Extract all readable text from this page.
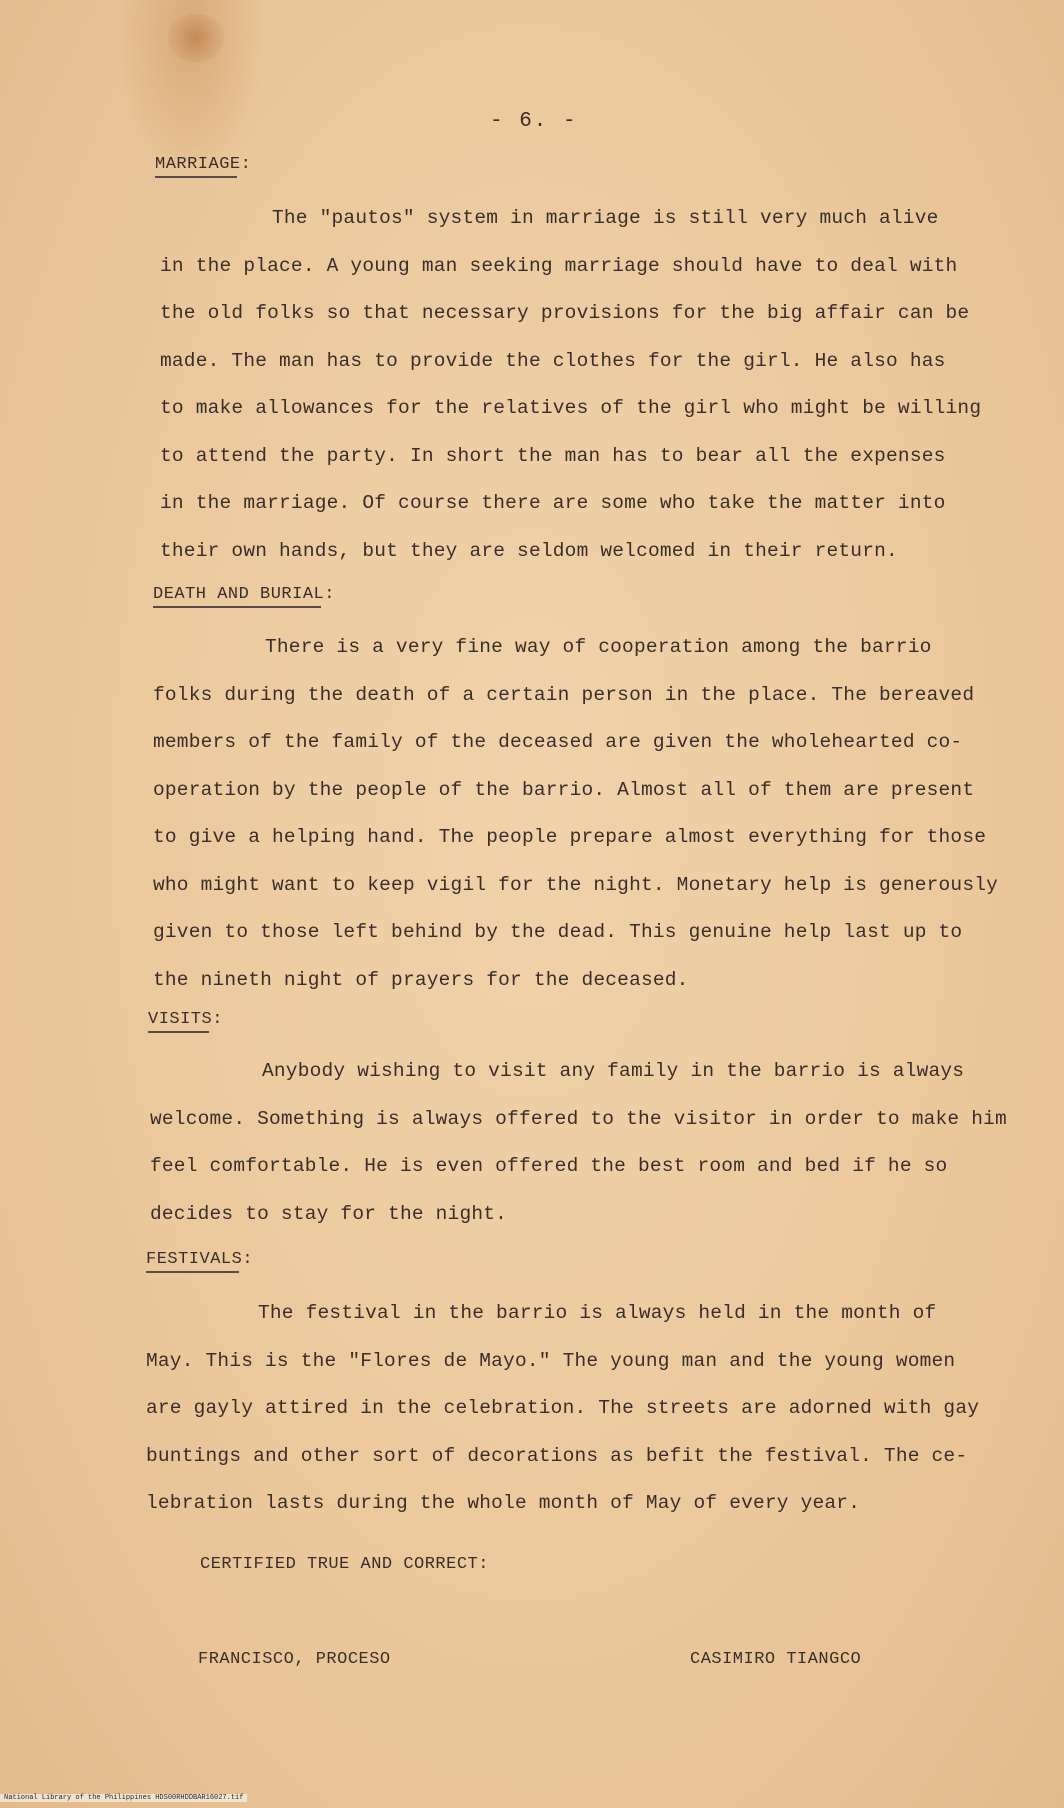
- 6. -
MARRIAGE:
The "pautos" system in marriage is still very much alive
in the place. A young man seeking marriage should have to deal with
the old folks so that necessary provisions for the big affair can be
made. The man has to provide the clothes for the girl. He also has
to make allowances for the relatives of the girl who might be willing
to attend the party. In short the man has to bear all the expenses
in the marriage. Of course there are some who take the matter into
their own hands, but they are seldom welcomed in their return.
DEATH AND BURIAL:
There is a very fine way of cooperation among the barrio
folks during the death of a certain person in the place. The bereaved
members of the family of the deceased are given the wholehearted co-
operation by the people of the barrio. Almost all of them are present
to give a helping hand. The people prepare almost everything for those
who might want to keep vigil for the night. Monetary help is generously
given to those left behind by the dead. This genuine help last up to
the nineth night of prayers for the deceased.
VISITS:
Anybody wishing to visit any family in the barrio is always
welcome. Something is always offered to the visitor in order to make him
feel comfortable. He is even offered the best room and bed if he so
decides to stay for the night.
FESTIVALS:
The festival in the barrio is always held in the month of
May. This is the "Flores de Mayo." The young man and the young women
are gayly attired in the celebration. The streets are adorned with gay
buntings and other sort of decorations as befit the festival. The ce-
lebration lasts during the whole month of May of every year.
CERTIFIED TRUE AND CORRECT:
FRANCISCO, PROCESO	CASIMIRO TIANGCO
National Library of the Philippines HDS00RHDDBAR16027.tif
